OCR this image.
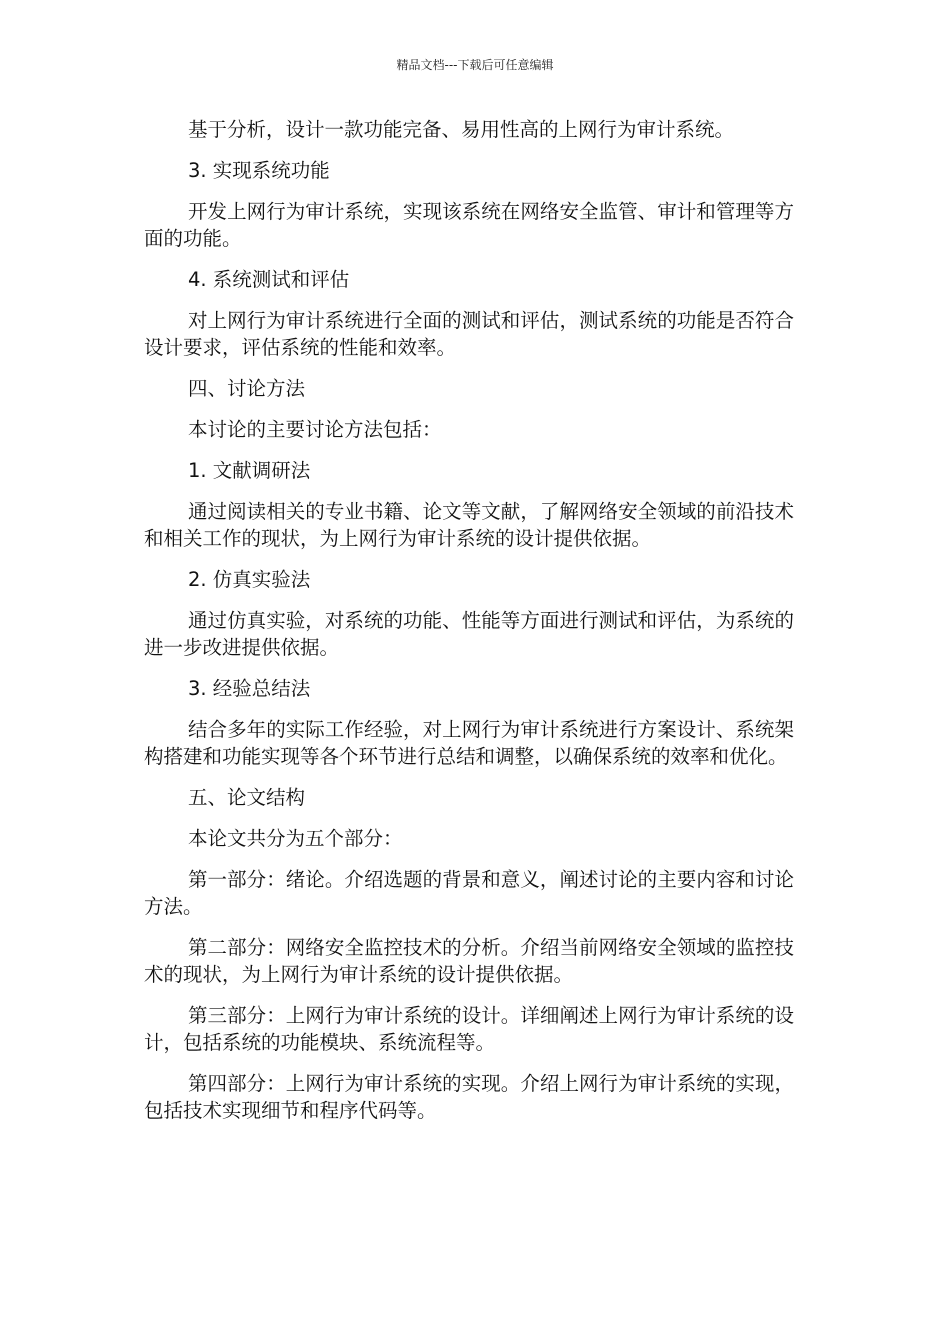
精品文档---下载后可任意编辑

基于分析，设计一款功能完备、易用性高的上网行为审计系统。

3. 实现系统功能

开发上网行为审计系统，实现该系统在网络安全监管、审计和管理等方面的功能。

4. 系统测试和评估

对上网行为审计系统进行全面的测试和评估，测试系统的功能是否符合设计要求，评估系统的性能和效率。

四、讨论方法

本讨论的主要讨论方法包括：

1. 文献调研法

通过阅读相关的专业书籍、论文等文献，了解网络安全领域的前沿技术和相关工作的现状，为上网行为审计系统的设计提供依据。

2. 仿真实验法

通过仿真实验，对系统的功能、性能等方面进行测试和评估，为系统的进一步改进提供依据。

3. 经验总结法

结合多年的实际工作经验，对上网行为审计系统进行方案设计、系统架构搭建和功能实现等各个环节进行总结和调整，以确保系统的效率和优化。

五、论文结构

本论文共分为五个部分：

第一部分：绪论。介绍选题的背景和意义，阐述讨论的主要内容和讨论方法。

第二部分：网络安全监控技术的分析。介绍当前网络安全领域的监控技术的现状，为上网行为审计系统的设计提供依据。

第三部分：上网行为审计系统的设计。详细阐述上网行为审计系统的设计，包括系统的功能模块、系统流程等。

第四部分：上网行为审计系统的实现。介绍上网行为审计系统的实现，包括技术实现细节和程序代码等。
